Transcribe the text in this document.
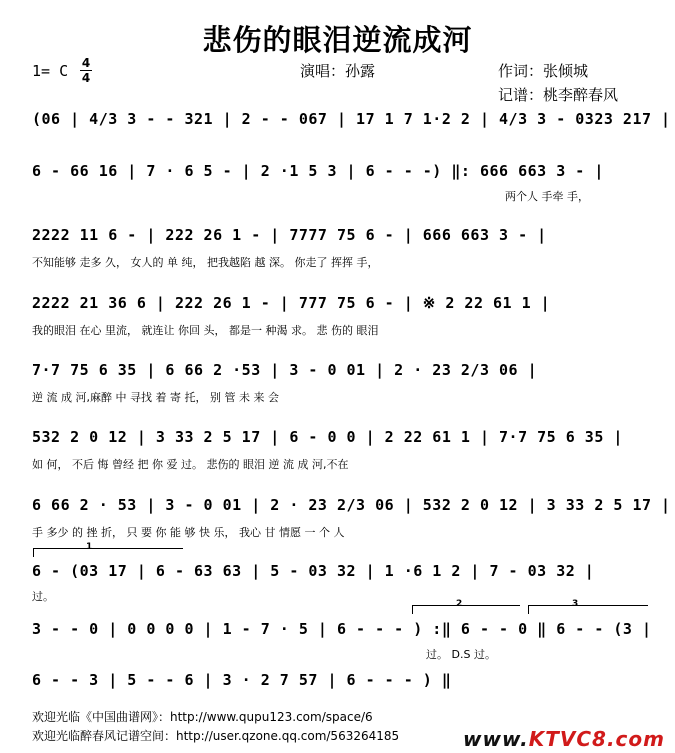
悲伤的眼泪逆流成河
1= C 4
4	演唱：孙露	作词：张倾城
记谱：桃李醉春风
(06 | 4/3 3 - - 321 | 2 - - 067 | 17 1 7 1·2 2 | 4/3 3 - 0323 217 |
6 - 66 16 | 7 · 6 5 - | 2 ·1 5 3 | 6 - - -) ‖: 666 663 3 - |
两个人 手牵 手，
2222 11 6 - | 222 26 1 - | 7777 75 6 - | 666 663 3 - |
不知能够 走多 久， 女人的 单 纯， 把我越陷 越 深。 你走了 挥挥 手，
2222 21 36 6 | 222 26 1 - | 777 75 6 - | ※ 2 22 61 1 |
我的眼泪 在心 里流， 就连让 你回 头， 都是一 种渴 求。 悲 伤的 眼泪
7·7 75 6 35 | 6 66 2 ·53 | 3 - 0 01 | 2 · 23 2/3 06 |
逆 流 成 河,麻醉 中 寻找 着 寄 托， 别 管 未 来 会
532 2 0 12 | 3 33 2 5 17 | 6 - 0 0 | 2 22 61 1 | 7·7 75 6 35 |
如 何， 不后 悔 曾经 把 你 爱 过。 悲伤的 眼泪 逆 流 成 河,不在
6 66 2 · 53 | 3 - 0 01 | 2 · 23 2/3 06 | 532 2 0 12 | 3 33 2 5 17 |
手 多少 的 挫 折， 只 要 你 能 够 快 乐， 我心 甘 情愿 一 个 人
1
6 - (03 17 | 6 - 63 63 | 5 - 03 32 | 1 ·6 1 2 | 7 - 03 32 |
过。
2	3
3 - - 0 | 0 0 0 0 | 1 - 7 · 5 | 6 - - - ) :‖ 6 - - 0 ‖ 6 - - (3 |
过。 D.S 过。
6 - - 3 | 5 - - 6 | 3 · 2 7 57 | 6 - - - ) ‖
欢迎光临《中国曲谱网》：http://www.qupu123.com/space/6
欢迎光临醉春风记谱空间：http://user.qzone.qq.com/563264185	www.KTVC8.com
